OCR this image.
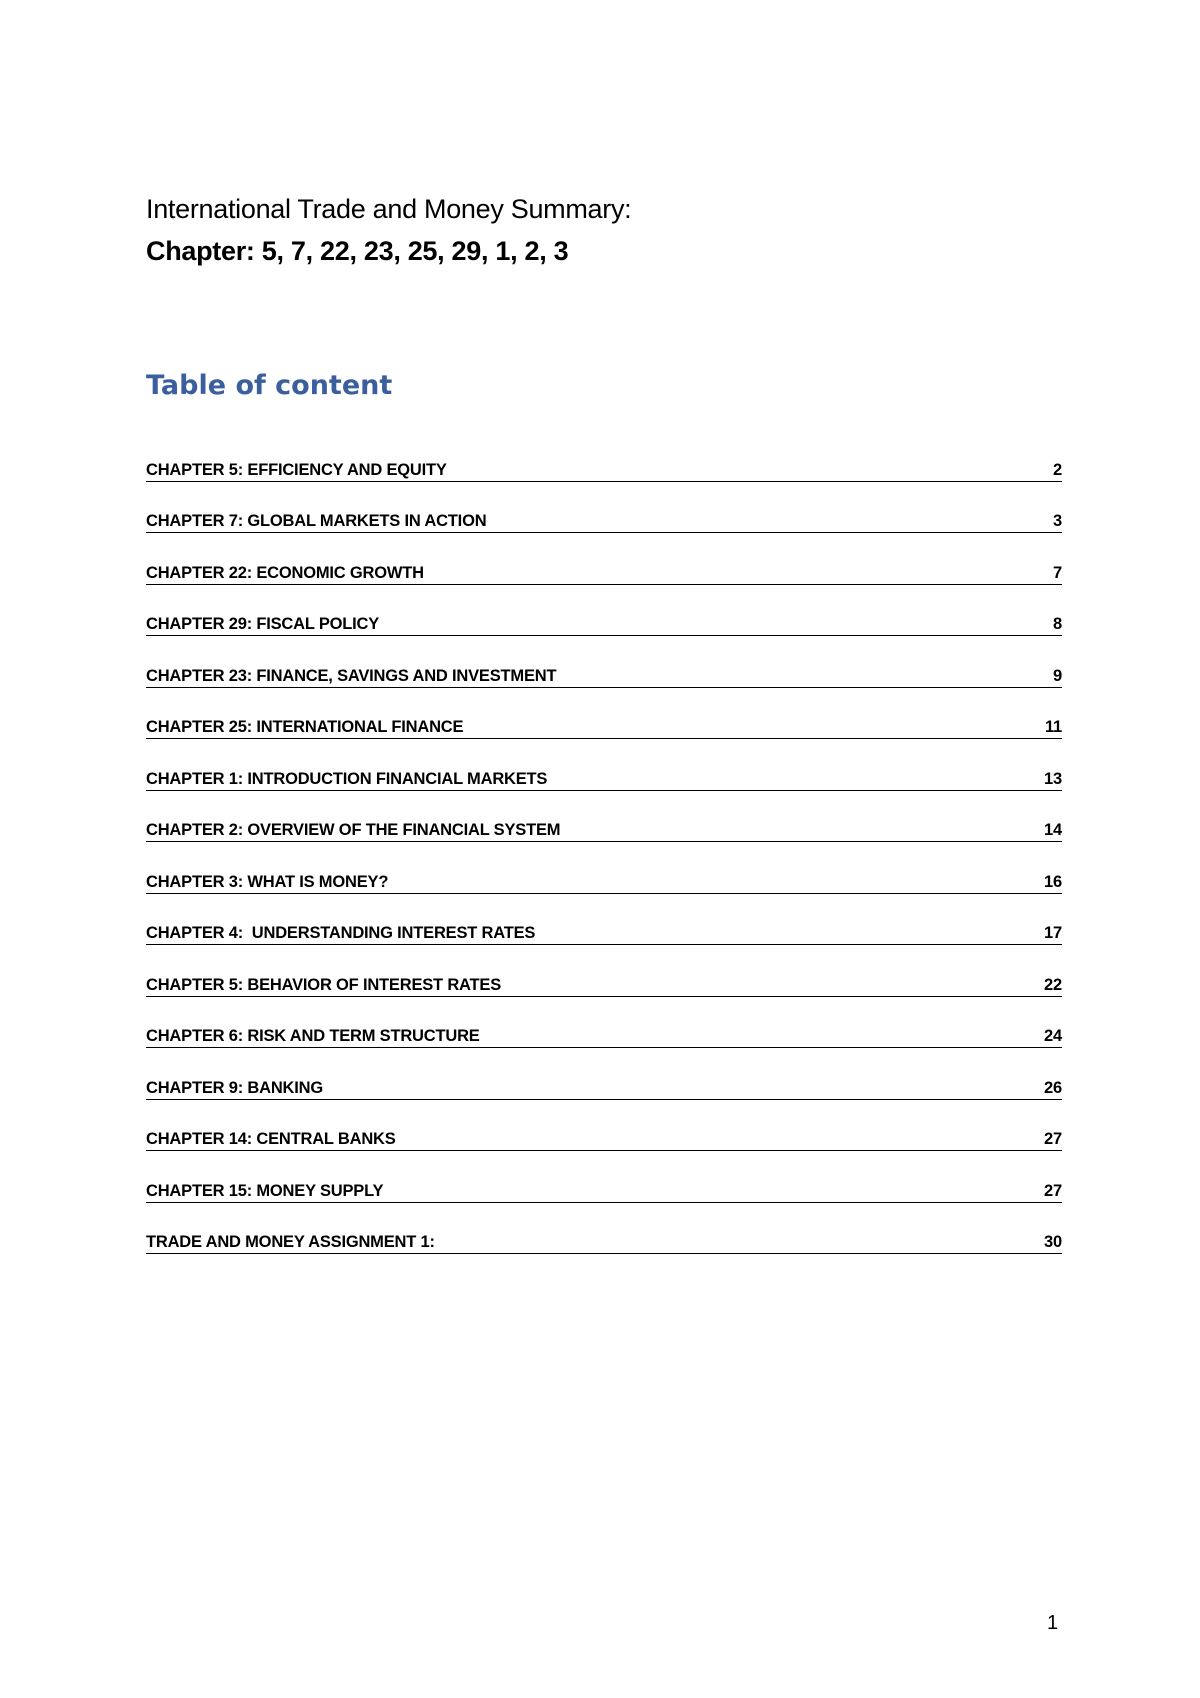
International Trade and Money Summary:
Chapter: 5, 7, 22, 23, 25, 29, 1, 2, 3
Table of content
CHAPTER 5: EFFICIENCY AND EQUITY	2
CHAPTER 7: GLOBAL MARKETS IN ACTION	3
CHAPTER 22: ECONOMIC GROWTH	7
CHAPTER 29: FISCAL POLICY	8
CHAPTER 23: FINANCE, SAVINGS AND INVESTMENT	9
CHAPTER 25: INTERNATIONAL FINANCE	11
CHAPTER 1: INTRODUCTION FINANCIAL MARKETS	13
CHAPTER 2: OVERVIEW OF THE FINANCIAL SYSTEM	14
CHAPTER 3: WHAT IS MONEY?	16
CHAPTER 4:  UNDERSTANDING INTEREST RATES	17
CHAPTER 5: BEHAVIOR OF INTEREST RATES	22
CHAPTER 6: RISK AND TERM STRUCTURE	24
CHAPTER 9: BANKING	26
CHAPTER 14: CENTRAL BANKS	27
CHAPTER 15: MONEY SUPPLY	27
TRADE AND MONEY ASSIGNMENT 1:	30
1
